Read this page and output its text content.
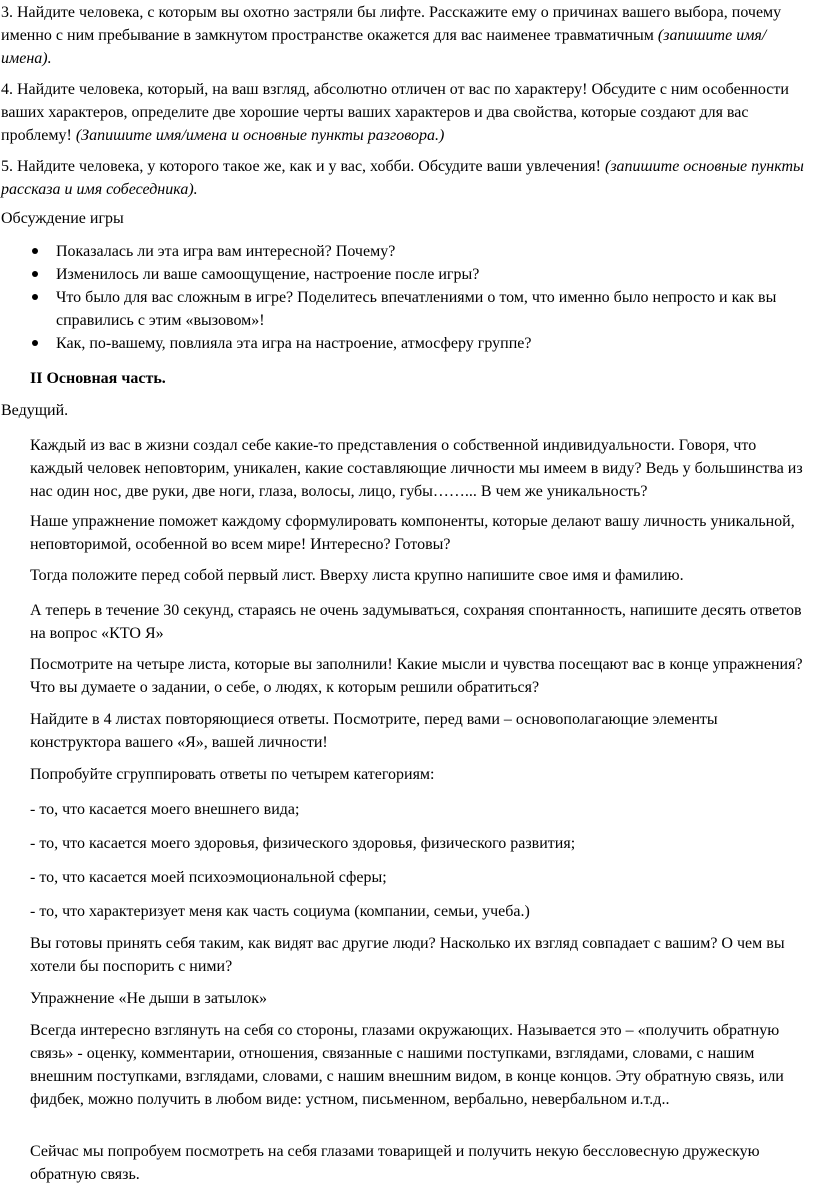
3. Найдите человека, с которым вы охотно застряли бы лифте. Расскажите ему о причинах вашего выбора, почему именно с ним пребывание в замкнутом пространстве окажется для вас наименее травматичным (запишите имя/имена).

4. Найдите человека, который, на ваш взгляд, абсолютно отличен от вас по характеру! Обсудите с ним особенности ваших характеров, определите две хорошие черты ваших характеров и два свойства, которые создают для вас проблему! (Запишите имя/имена и основные пункты разговора.)

5. Найдите человека, у которого такое же, как и у вас, хобби. Обсудите ваши увлечения! (запишите основные пункты рассказа и имя собеседника).

Обсуждение игры

Показалась ли эта игра вам интересной? Почему?
Изменилось ли ваше самоощущение, настроение после игры?
Что было для вас сложным в игре? Поделитесь впечатлениями о том, что именно было непросто и как вы справились с этим «вызовом»!
Как, по-вашему, повлияла эта игра на настроение, атмосферу группе?

II Основная часть.

Ведущий.

Каждый из вас в жизни создал себе какие-то представления о собственной индивидуальности. Говоря, что каждый человек неповторим, уникален, какие составляющие личности мы имеем в виду? Ведь у большинства из нас один нос, две руки, две ноги, глаза, волосы, лицо, губы……... В чем же уникальность?

Наше упражнение поможет каждому сформулировать компоненты, которые делают вашу личность уникальной, неповторимой, особенной во всем мире! Интересно? Готовы?

Тогда положите перед собой первый лист. Вверху листа крупно напишите свое имя и фамилию.

А теперь в течение 30 секунд, стараясь не очень задумываться, сохраняя спонтанность, напишите десять ответов на вопрос «КТО Я»

Посмотрите на четыре листа, которые вы заполнили! Какие мысли и чувства посещают вас в конце упражнения? Что вы думаете о задании, о себе, о людях, к которым решили обратиться?

Найдите в 4 листах повторяющиеся ответы. Посмотрите, перед вами – основополагающие элементы конструктора вашего «Я», вашей личности!

Попробуйте сгруппировать ответы по четырем категориям:

- то, что касается моего внешнего вида;

- то, что касается моего здоровья, физического здоровья, физического развития;

- то, что касается моей психоэмоциональной сферы;

- то, что характеризует меня как часть социума (компании, семьи, учеба.)

Вы готовы принять себя таким, как видят вас другие люди? Насколько их взгляд совпадает с вашим? О чем вы хотели бы поспорить с ними?

Упражнение «Не дыши в затылок»

Всегда интересно взглянуть на себя со стороны, глазами окружающих. Называется это – «получить обратную связь» - оценку, комментарии, отношения, связанные с нашими поступками, взглядами, словами, с нашим внешним поступками, взглядами, словами, с нашим внешним видом, в конце концов. Эту обратную связь, или фидбек, можно получить в любом виде: устном, письменном, вербально, невербальном и.т.д..

Сейчас мы попробуем посмотреть на себя глазами товарищей и получить некую бессловесную дружескую обратную связь.
